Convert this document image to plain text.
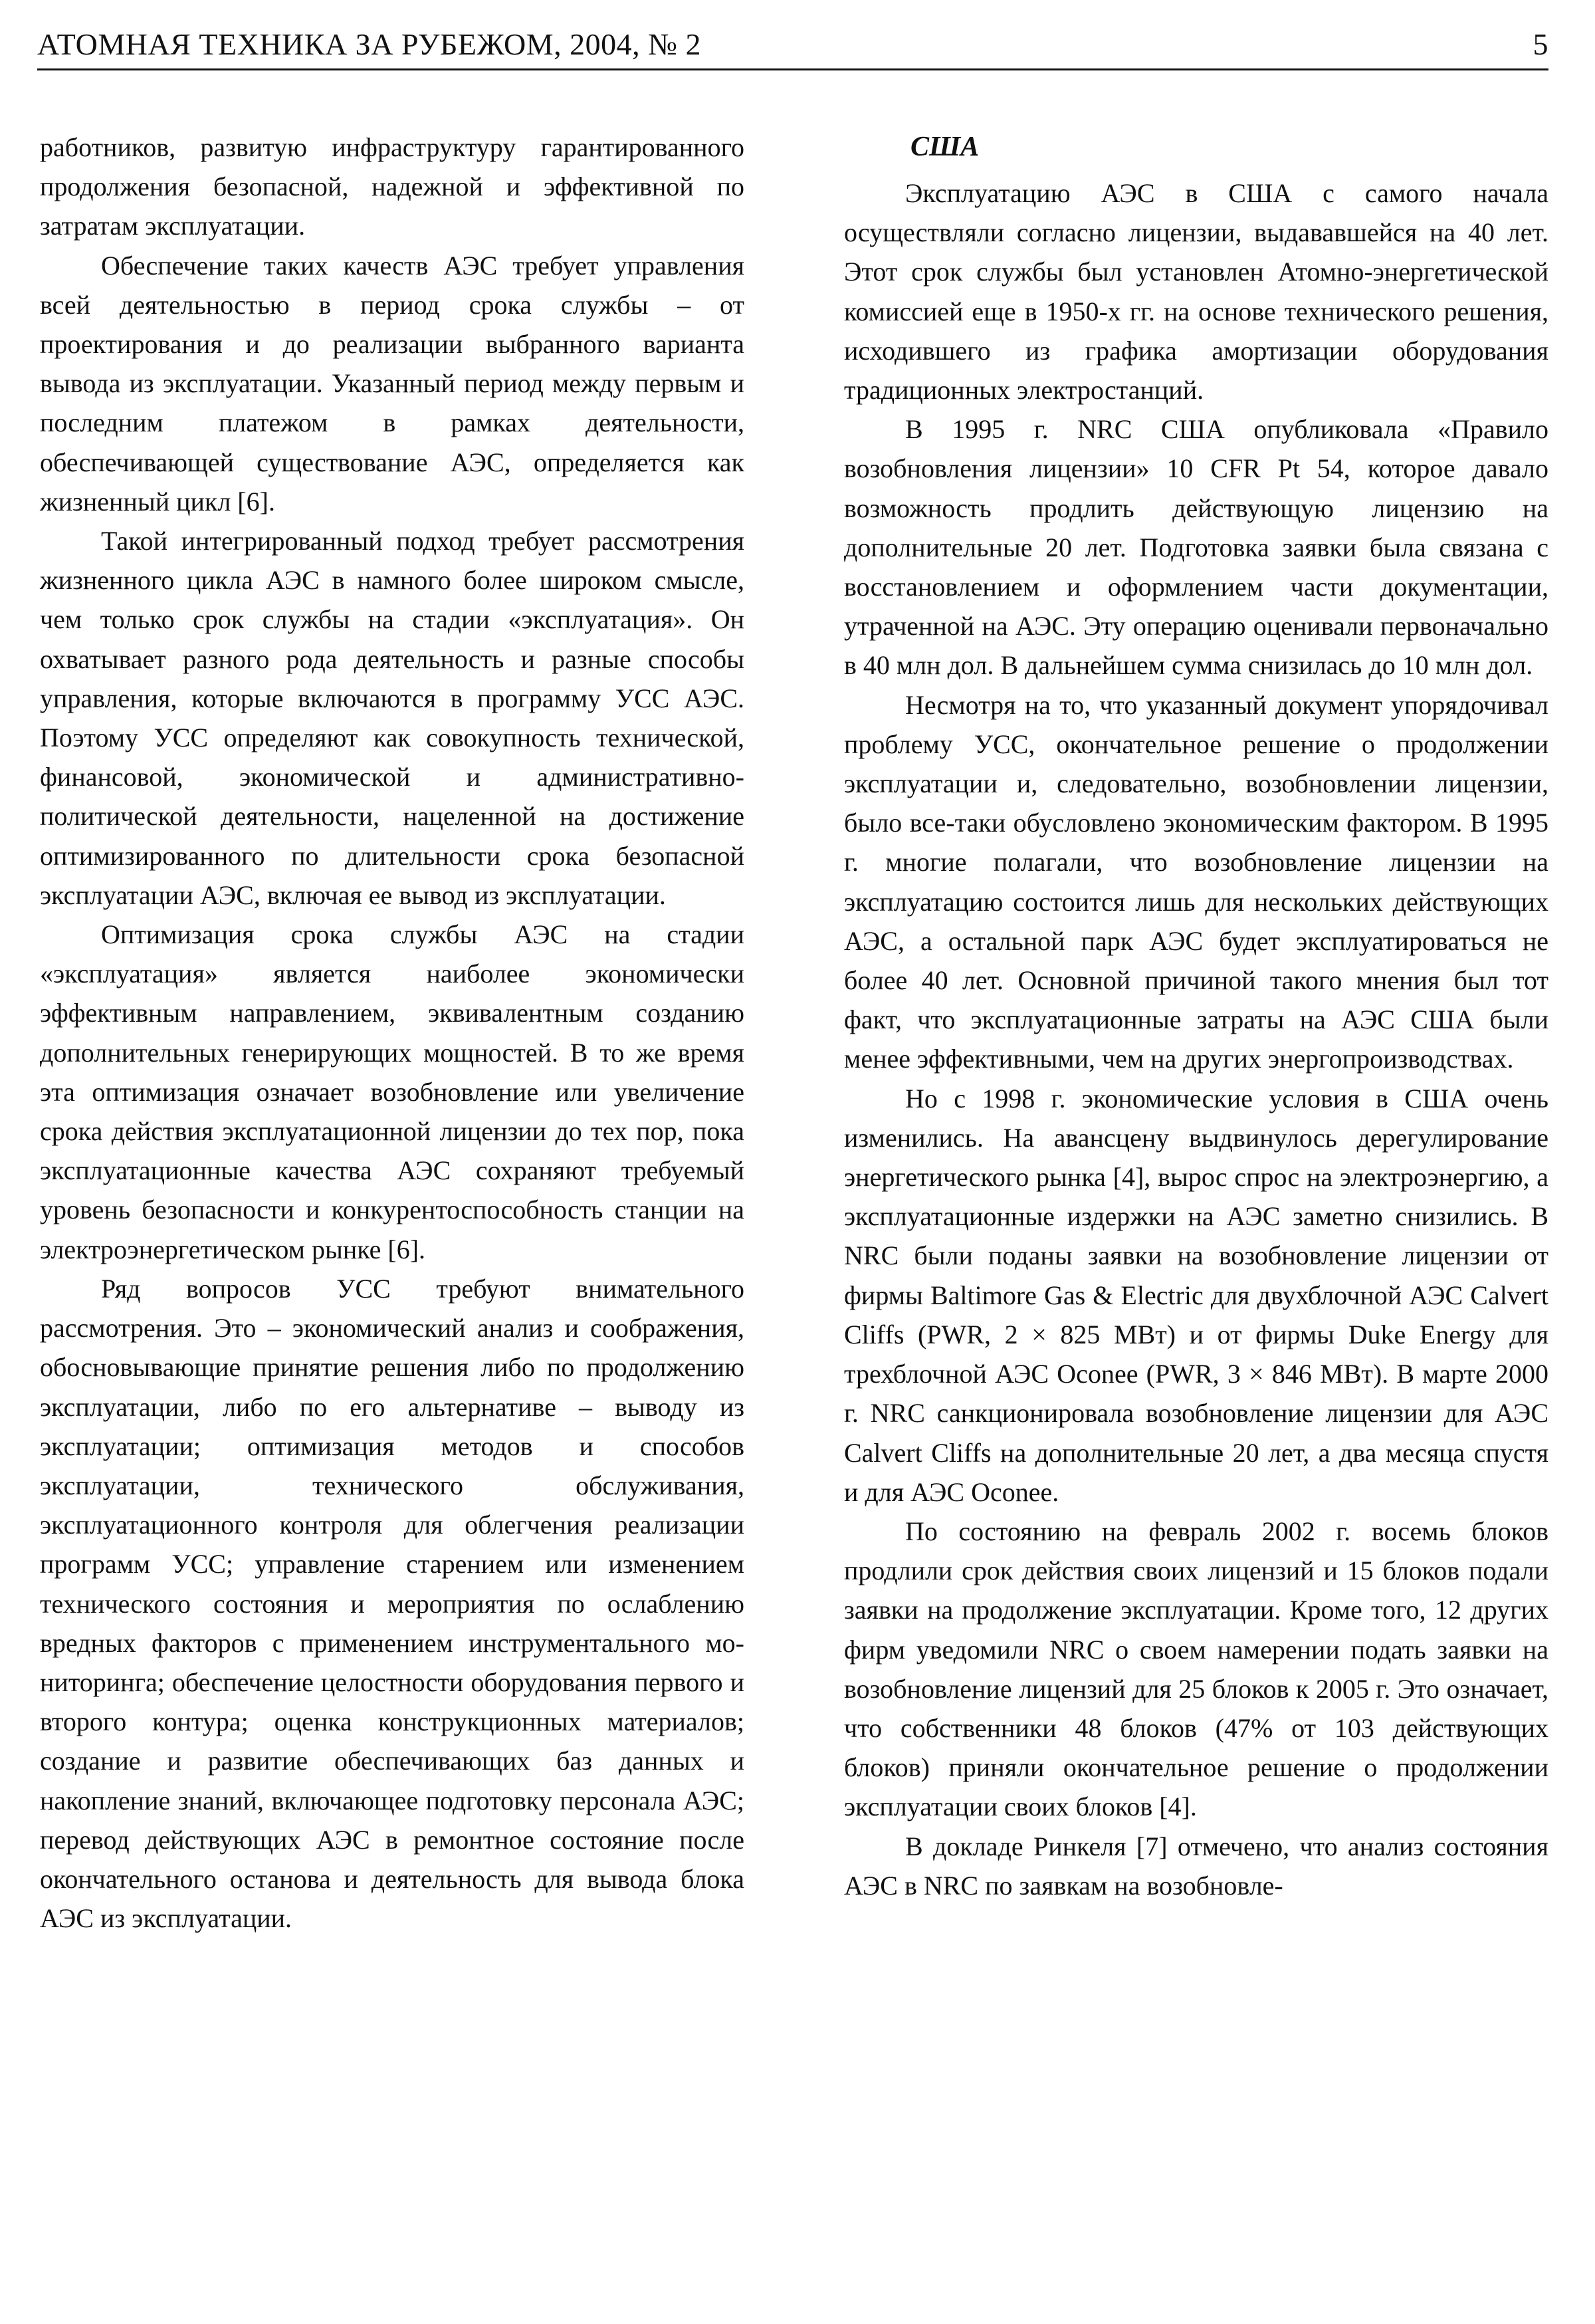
АТОМНАЯ ТЕХНИКА ЗА РУБЕЖОМ, 2004, № 2	5

работников, развитую инфраструктуру гарантированного продолжения безопасной, надежной и эффективной по затратам эксплуатации.

Обеспечение таких качеств АЭС требует управления всей деятельностью в период срока службы – от проектирования и до реализации выбранного варианта вывода из эксплуатации. Указанный период между первым и последним платежом в рамках деятельности, обеспечивающей существование АЭС, определяется как жизненный цикл [6].

Такой интегрированный подход требует рассмотрения жизненного цикла АЭС в намного более широком смысле, чем только срок службы на стадии «эксплуатация». Он охватывает разного рода деятельность и разные способы управления, которые включаются в программу УСС АЭС. Поэтому УСС определяют как совокупность технической, финансовой, экономической и административно-политической деятельности, нацеленной на достижение оптимизированного по длительности срока безопасной эксплуатации АЭС, включая ее вывод из эксплуатации.

Оптимизация срока службы АЭС на стадии «эксплуатация» является наиболее экономически эффективным направлением, эквивалентным созданию дополнительных генерирующих мощностей. В то же время эта оптимизация означает возобновление или увеличение срока действия эксплуатационной лицензии до тех пор, пока эксплуатационные качества АЭС сохраняют требуемый уровень безопасности и конкурентоспособность станции на электроэнергетическом рынке [6].

Ряд вопросов УСС требуют внимательного рассмотрения. Это – экономический анализ и соображения, обосновывающие принятие решения либо по продолжению эксплуатации, либо по его альтернативе – выводу из эксплуатации; оптимизация методов и способов эксплуатации, технического обслуживания, эксплуатационного контроля для облегчения реализации программ УСС; управление старением или изменением технического состояния и мероприятия по ослаблению вредных факторов с применением инструментального мониторинга; обеспечение целостности оборудования первого и второго контура; оценка конструкционных материалов; создание и развитие обеспечивающих баз данных и накопление знаний, включающее подготовку персонала АЭС; перевод действующих АЭС в ремонтное состояние после окончательного останова и деятельность для вывода блока АЭС из эксплуатации.

США

Эксплуатацию АЭС в США с самого начала осуществляли согласно лицензии, выдававшейся на 40 лет. Этот срок службы был установлен Атомно-энергетической комиссией еще в 1950-х гг. на основе технического решения, исходившего из графика амортизации оборудования традиционных электростанций.

В 1995 г. NRC США опубликовала «Правило возобновления лицензии» 10 CFR Pt 54, которое давало возможность продлить действующую лицензию на дополнительные 20 лет. Подготовка заявки была связана с восстановлением и оформлением части документации, утраченной на АЭС. Эту операцию оценивали первоначально в 40 млн дол. В дальнейшем сумма снизилась до 10 млн дол.

Несмотря на то, что указанный документ упорядочивал проблему УСС, окончательное решение о продолжении эксплуатации и, следовательно, возобновлении лицензии, было все-таки обусловлено экономическим фактором. В 1995 г. многие полагали, что возобновление лицензии на эксплуатацию состоится лишь для нескольких действующих АЭС, а остальной парк АЭС будет эксплуатироваться не более 40 лет. Основной причиной такого мнения был тот факт, что эксплуатационные затраты на АЭС США были менее эффективными, чем на других энергопроизводствах.

Но с 1998 г. экономические условия в США очень изменились. На авансцену выдвинулось дерегулирование энергетического рынка [4], вырос спрос на электроэнергию, а эксплуатационные издержки на АЭС заметно снизились. В NRC были поданы заявки на возобновление лицензии от фирмы Baltimore Gas & Electric для двухблочной АЭС Calvert Cliffs (PWR, 2 × 825 МВт) и от фирмы Duke Energy для трехблочной АЭС Oconee (PWR, 3 × 846 МВт). В марте 2000 г. NRC санкционировала возобновление лицензии для АЭС Calvert Cliffs на дополнительные 20 лет, а два месяца спустя и для АЭС Oconee.

По состоянию на февраль 2002 г. восемь блоков продлили срок действия своих лицензий и 15 блоков подали заявки на продолжение эксплуатации. Кроме того, 12 других фирм уведомили NRC о своем намерении подать заявки на возобновление лицензий для 25 блоков к 2005 г. Это означает, что собственники 48 блоков (47% от 103 действующих блоков) приняли окончательное решение о продолжении эксплуатации своих блоков [4].

В докладе Ринкеля [7] отмечено, что анализ состояния АЭС в NRC по заявкам на возобновле-
